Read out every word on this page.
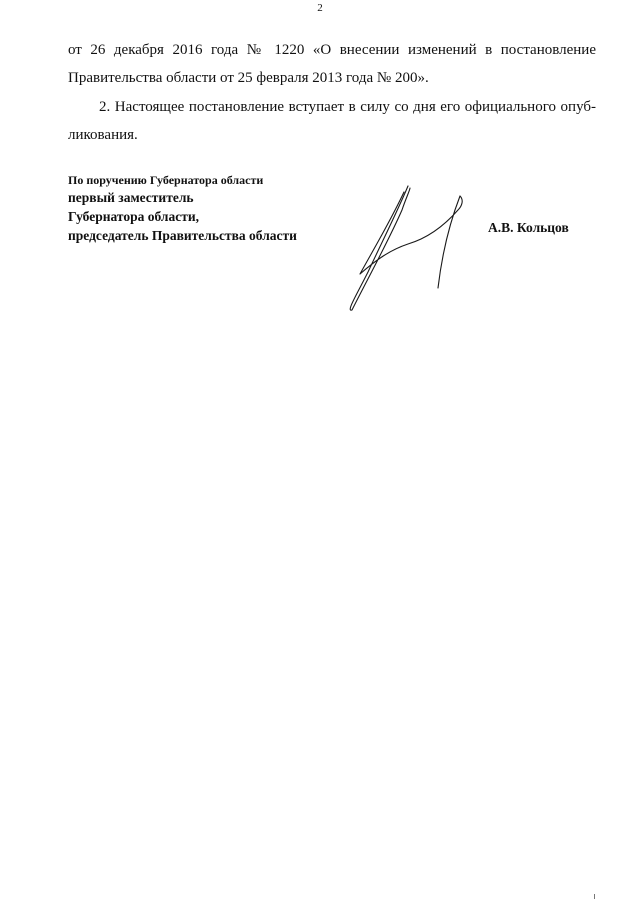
2

от 26 декабря 2016 года № 1220 «О внесении изменений в постановление
Правительства области от 25 февраля 2013 года № 200».

2. Настоящее постановление вступает в силу со дня его официального опуб-
ликования.

По поручению Губернатора области
первый заместитель
Губернатора области,
председатель Правительства области
А.В. Кольцов
